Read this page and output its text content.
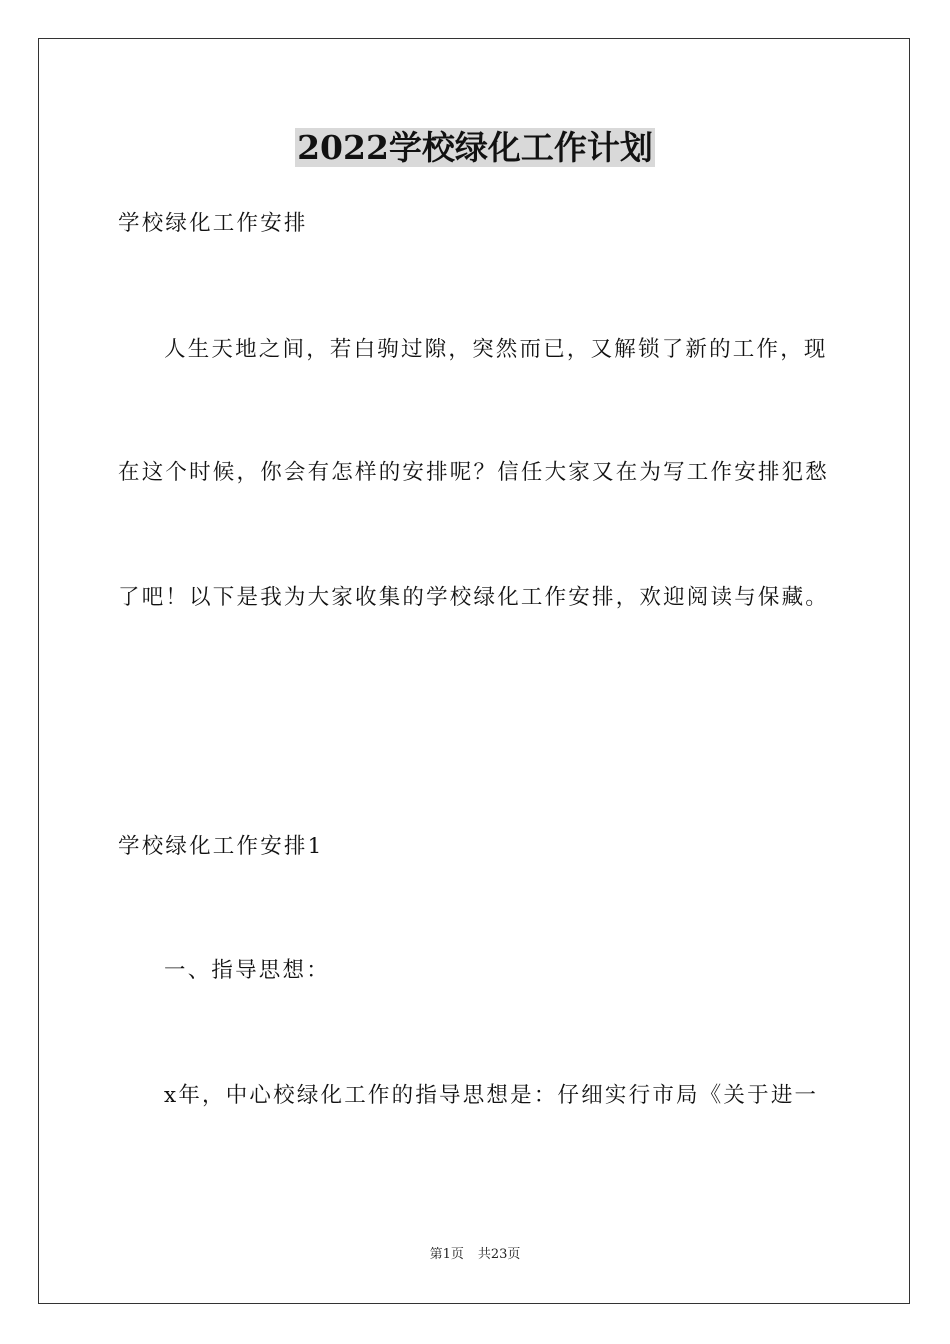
2022学校绿化工作计划
学校绿化工作安排
人生天地之间，若白驹过隙，突然而已，又解锁了新的工作，现
在这个时候，你会有怎样的安排呢？信任大家又在为写工作安排犯愁
了吧！以下是我为大家收集的学校绿化工作安排，欢迎阅读与保藏。
学校绿化工作安排1
一、指导思想：
x年，中心校绿化工作的指导思想是：仔细实行市局《关于进一
第1页 共23页
